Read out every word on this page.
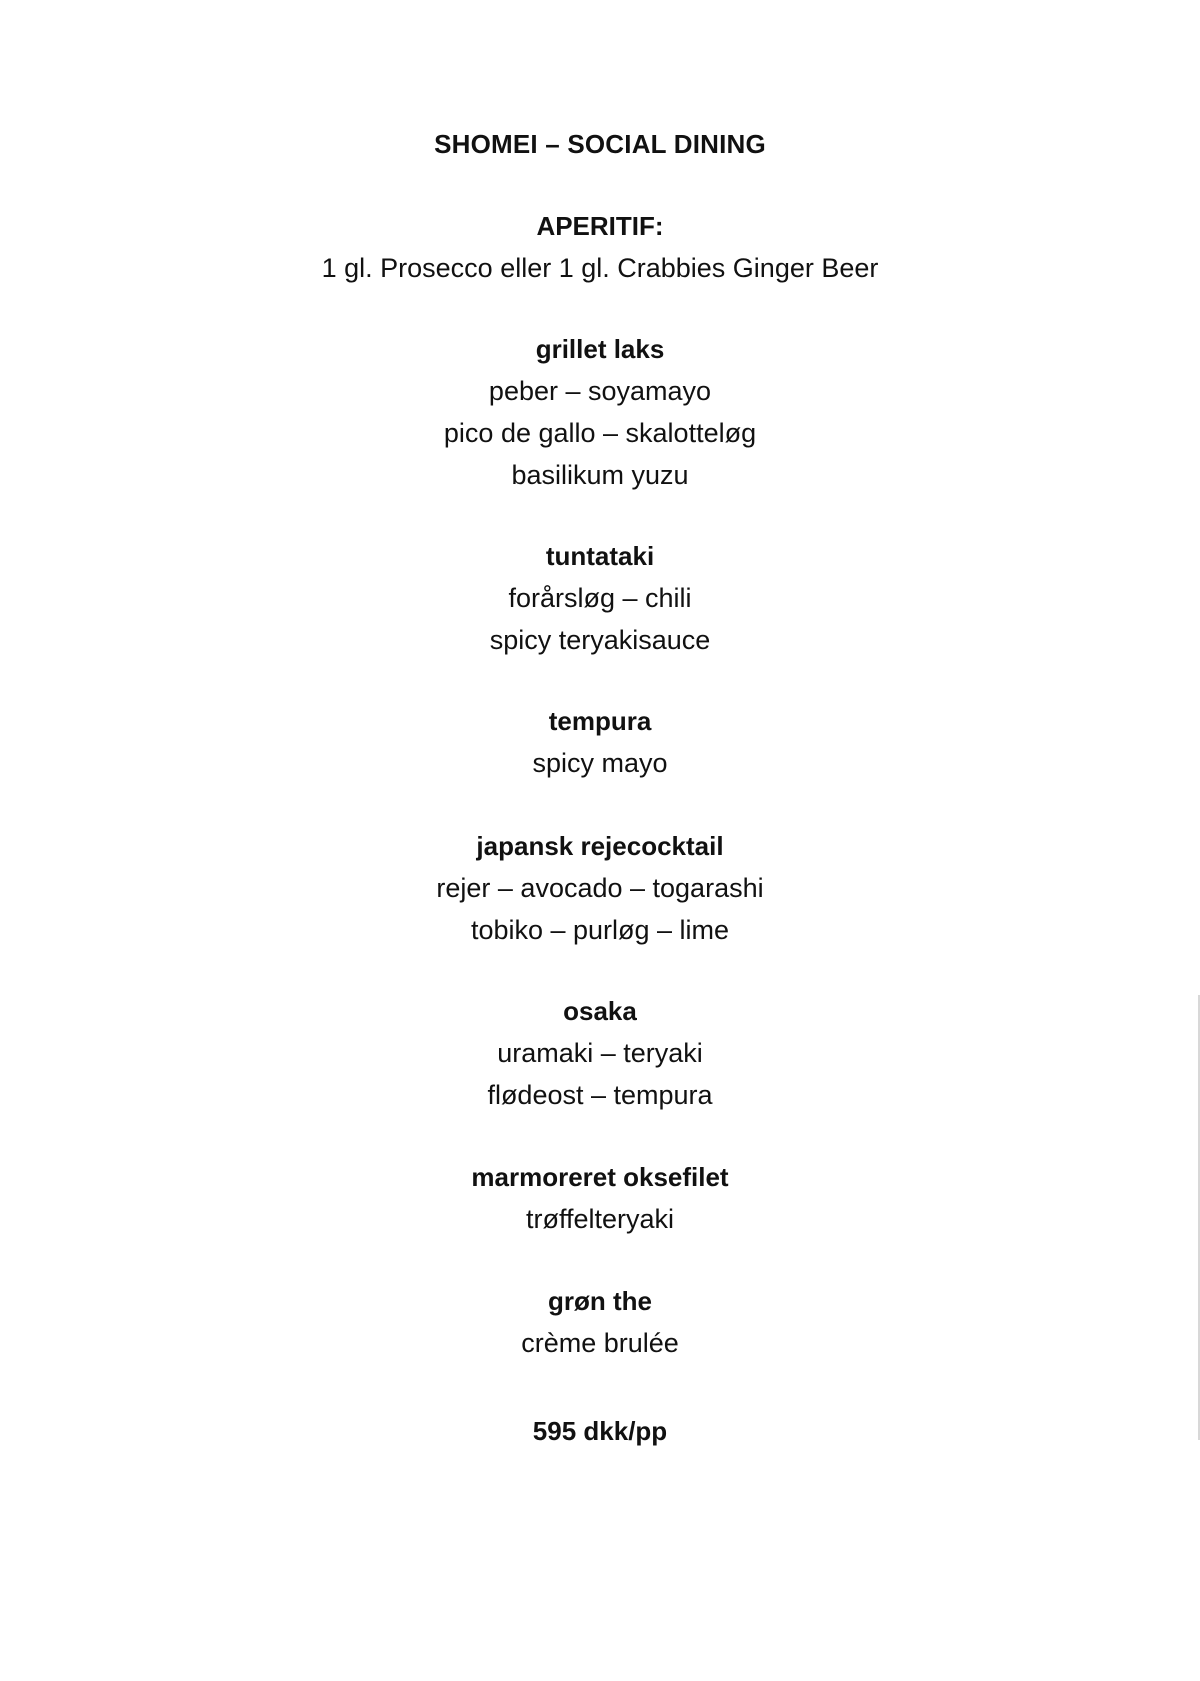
SHOMEI – SOCIAL DINING

APERITIF:

1 gl. Prosecco eller 1 gl. Crabbies Ginger Beer

grillet laks

peber – soyamayo

pico de gallo – skalotteløg

basilikum yuzu

tuntataki

forårsløg – chili

spicy teryakisauce

tempura

spicy mayo

japansk rejecocktail

rejer – avocado – togarashi

tobiko – purløg – lime

osaka

uramaki – teryaki

flødeost – tempura

marmoreret oksefilet

trøffelteryaki

grøn the

crème brulée

595 dkk/pp
